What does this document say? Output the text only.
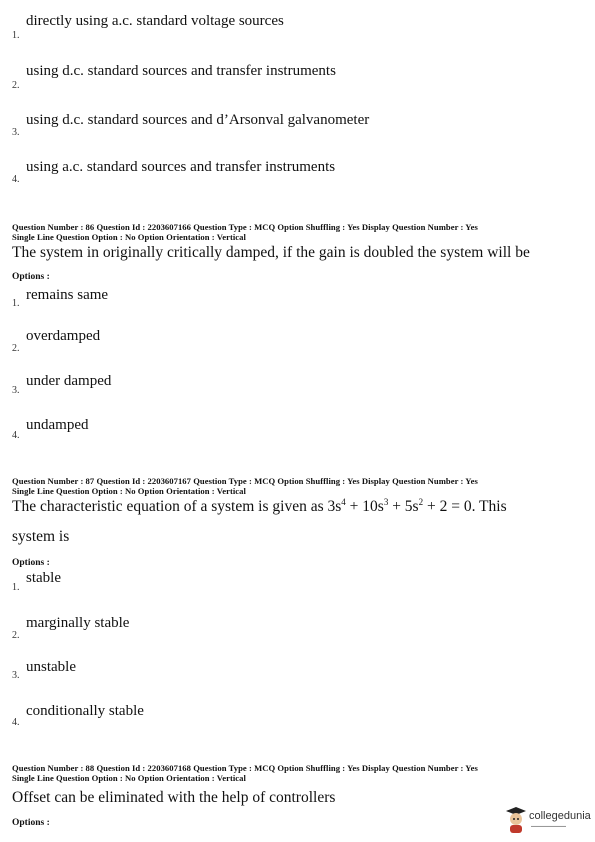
1.
directly using a.c. standard voltage sources
2.
using d.c. standard sources and transfer instruments
3.
using d.c. standard sources and d’Arsonval galvanometer
4.
using a.c. standard sources and transfer instruments
Question Number : 86 Question Id : 2203607166 Question Type : MCQ Option Shuffling : Yes Display Question Number : Yes
Single Line Question Option : No Option Orientation : Vertical
The system in originally critically damped, if the gain is doubled the system will be
Options :
1.
remains same
2.
overdamped
3.
under damped
4.
undamped
Question Number : 87 Question Id : 2203607167 Question Type : MCQ Option Shuffling : Yes Display Question Number : Yes
Single Line Question Option : No Option Orientation : Vertical
The characteristic equation of a system is given as $3s^4 + 10s^3 + 5s^2 + 2 = 0$. This
system is
Options :
1.
stable
2.
marginally stable
3.
unstable
4.
conditionally stable
Question Number : 88 Question Id : 2203607168 Question Type : MCQ Option Shuffling : Yes Display Question Number : Yes
Single Line Question Option : No Option Orientation : Vertical
Offset can be eliminated with the help of controllers
Options :
collegedunia
▬▬▬▬▬▬▬▬▬▬
